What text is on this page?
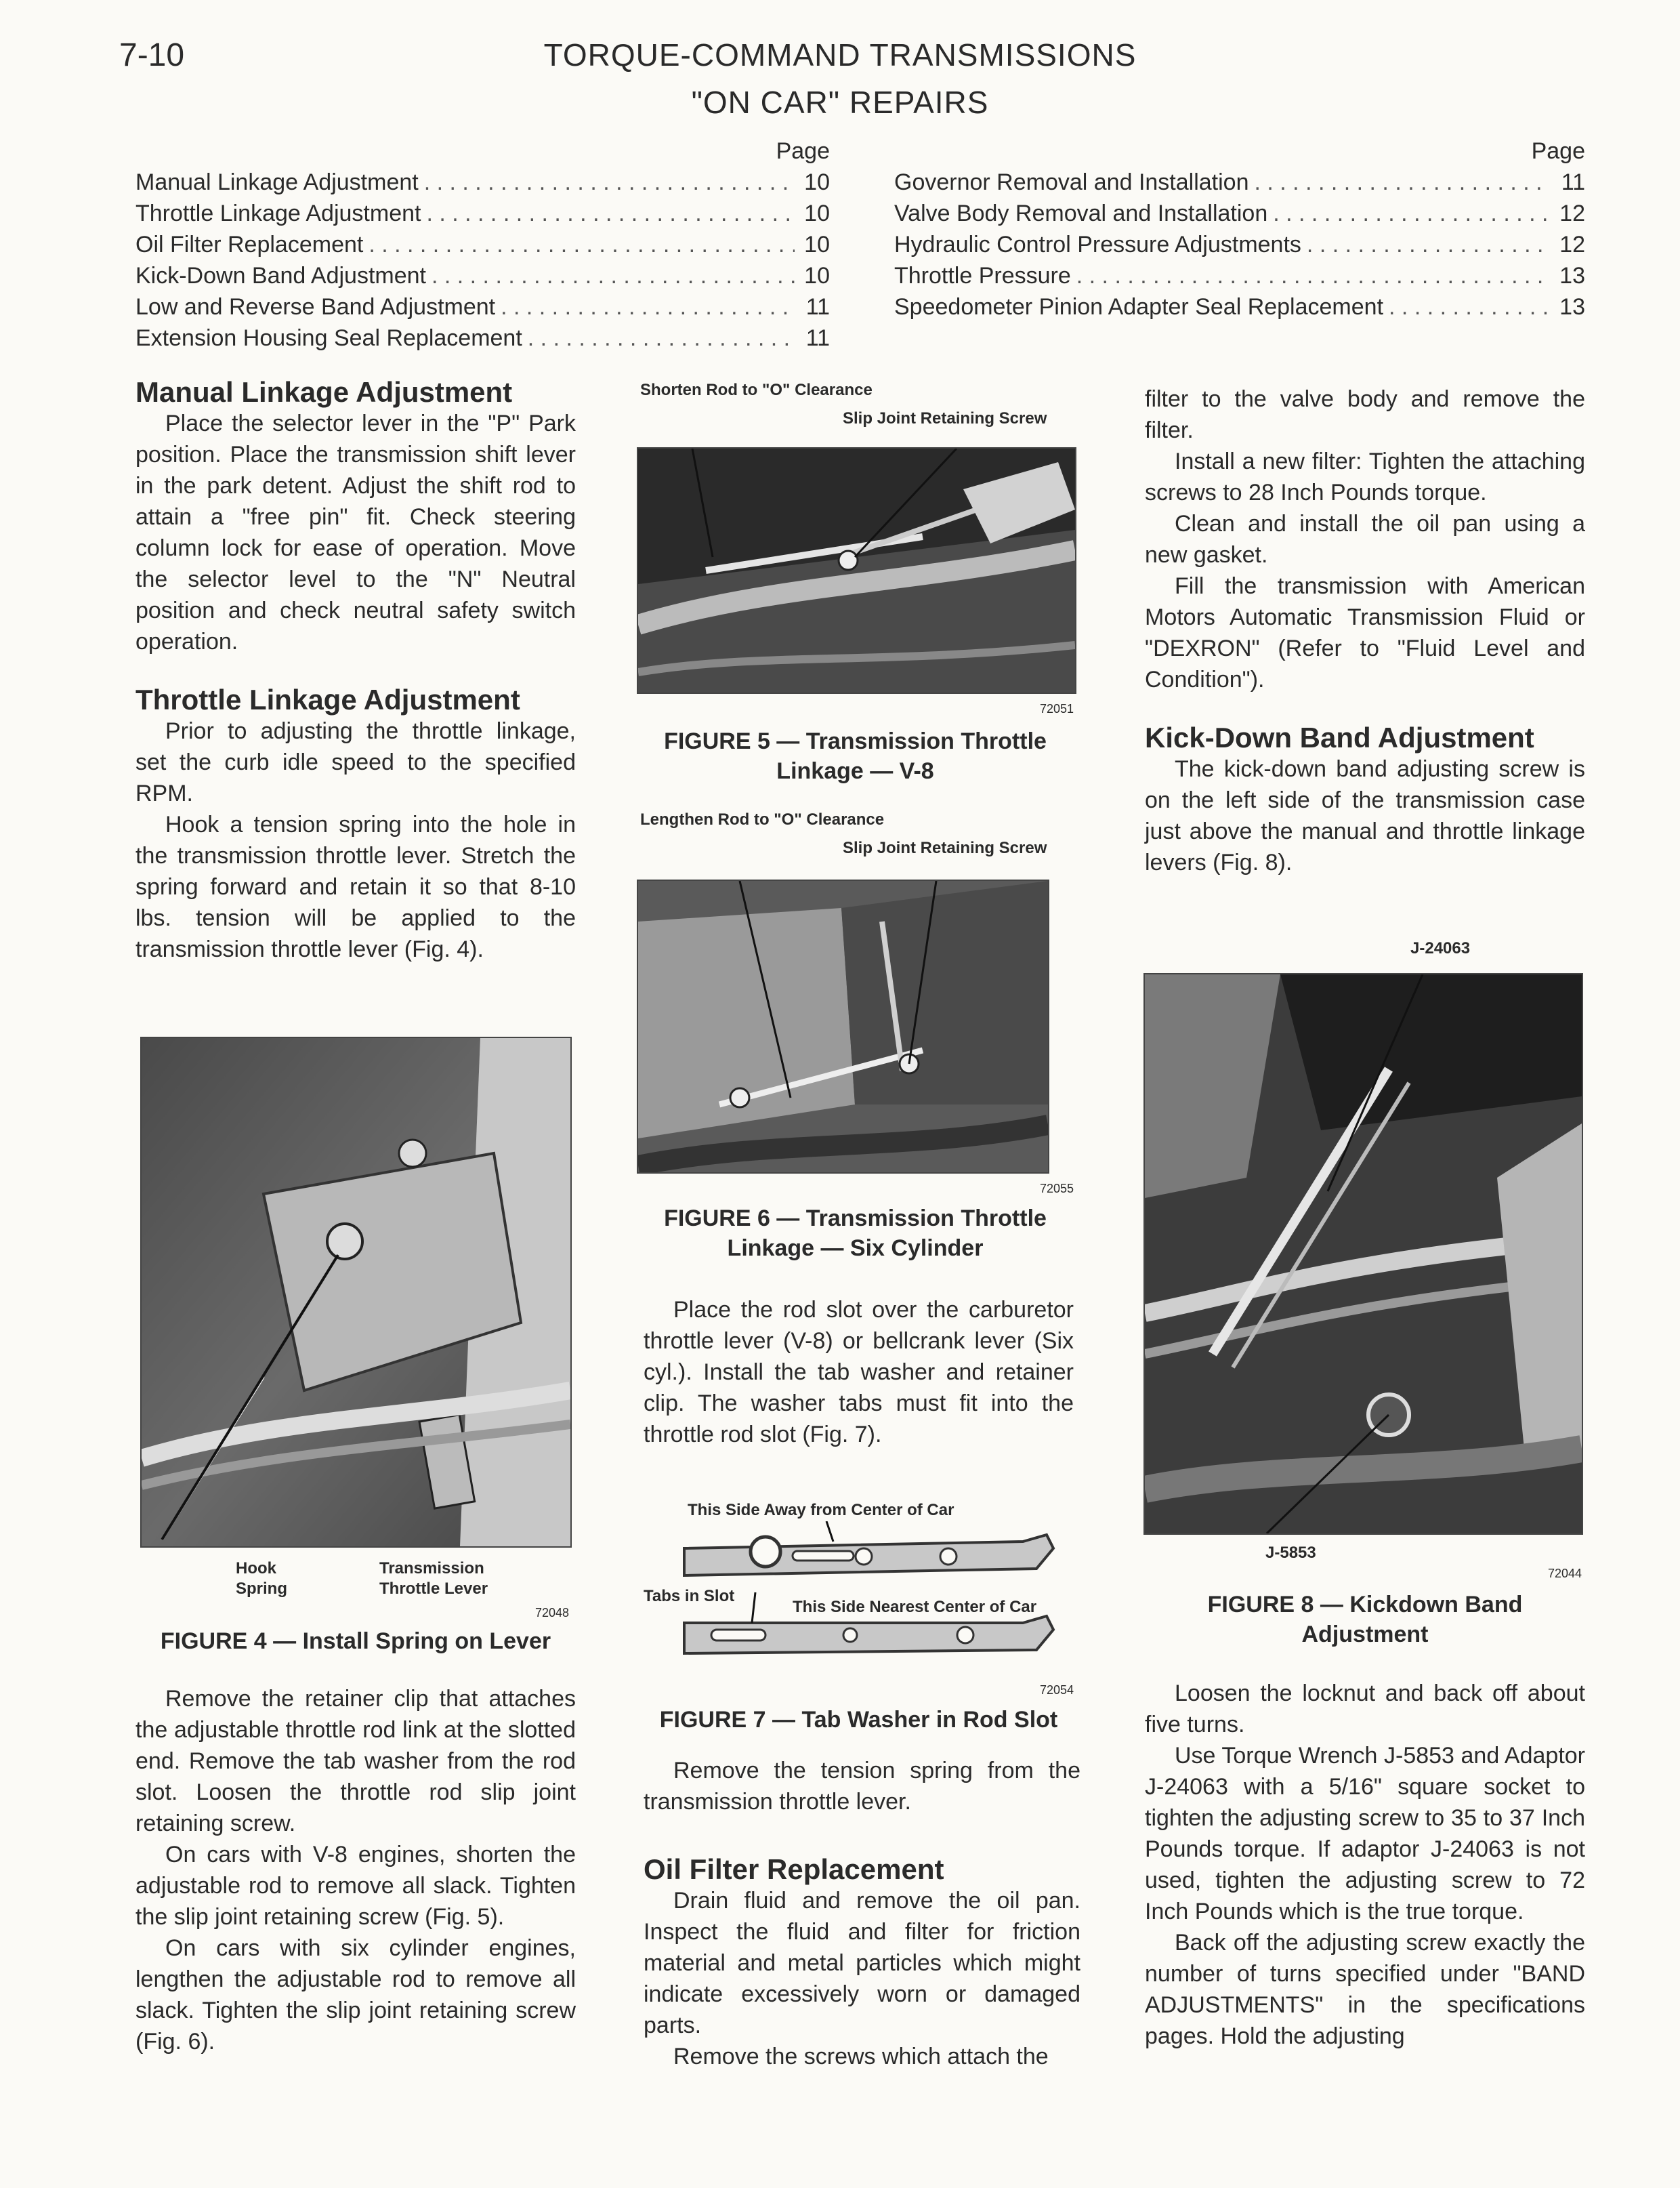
7-10	TORQUE-COMMAND TRANSMISSIONS
"ON CAR" REPAIRS
Page
Manual Linkage Adjustment . . .	10
Throttle Linkage Adjustment . . .	10
Oil Filter Replacement . . .	10
Kick-Down Band Adjustment . . .	10
Low and Reverse Band Adjustment . . .	11
Extension Housing Seal Replacement . . .	11
Page
Governor Removal and Installation . . .	11
Valve Body Removal and Installation . . .	12
Hydraulic Control Pressure Adjustments . . .	12
Throttle Pressure . . .	13
Speedometer Pinion Adapter Seal Replacement . . .	13

Manual Linkage Adjustment

Place the selector lever in the "P" Park position. Place the transmission shift lever in the park detent. Adjust the shift rod to attain a "free pin" fit. Check steering column lock for ease of operation. Move the selector level to the "N" Neutral position and check neutral safety switch operation.

Throttle Linkage Adjustment

Prior to adjusting the throttle linkage, set the curb idle speed to the specified RPM.

Hook a tension spring into the hole in the transmission throttle lever. Stretch the spring forward and retain it so that 8-10 lbs. tension will be applied to the transmission throttle lever (Fig. 4).

Hook Spring
Transmission Throttle Lever
72048
FIGURE 4 — Install Spring on Lever

Remove the retainer clip that attaches the adjustable throttle rod link at the slotted end. Remove the tab washer from the rod slot. Loosen the throttle rod slip joint retaining screw.

On cars with V-8 engines, shorten the adjustable rod to remove all slack. Tighten the slip joint retaining screw (Fig. 5).

On cars with six cylinder engines, lengthen the adjustable rod to remove all slack. Tighten the slip joint retaining screw (Fig. 6).

Shorten Rod to "O" Clearance
Slip Joint Retaining Screw
72051
FIGURE 5 — Transmission Throttle Linkage — V-8
Lengthen Rod to "O" Clearance
Slip Joint Retaining Screw
72055
FIGURE 6 — Transmission Throttle Linkage — Six Cylinder

Place the rod slot over the carburetor throttle lever (V-8) or bellcrank lever (Six cyl.). Install the tab washer and retainer clip. The washer tabs must fit into the throttle rod slot (Fig. 7).

This Side Away from Center of Car
Tabs in Slot
This Side Nearest Center of Car
72054
FIGURE 7 — Tab Washer in Rod Slot

Remove the tension spring from the transmission throttle lever.

Oil Filter Replacement

Drain fluid and remove the oil pan. Inspect the fluid and filter for friction material and metal particles which might indicate excessively worn or damaged parts.

Remove the screws which attach the

filter to the valve body and remove the filter.

Install a new filter: Tighten the attaching screws to 28 Inch Pounds torque.

Clean and install the oil pan using a new gasket.

Fill the transmission with American Motors Automatic Transmission Fluid or "DEXRON" (Refer to "Fluid Level and Condition").

Kick-Down Band Adjustment

The kick-down band adjusting screw is on the left side of the transmission case just above the manual and throttle linkage levers (Fig. 8).

J-24063
J-5853
72044
FIGURE 8 — Kickdown Band Adjustment

Loosen the locknut and back off about five turns.

Use Torque Wrench J-5853 and Adaptor J-24063 with a 5/16" square socket to tighten the adjusting screw to 35 to 37 Inch Pounds torque. If adaptor J-24063 is not used, tighten the adjusting screw to 72 Inch Pounds which is the true torque.

Back off the adjusting screw exactly the number of turns specified under "BAND ADJUSTMENTS" in the specifications pages. Hold the adjusting
